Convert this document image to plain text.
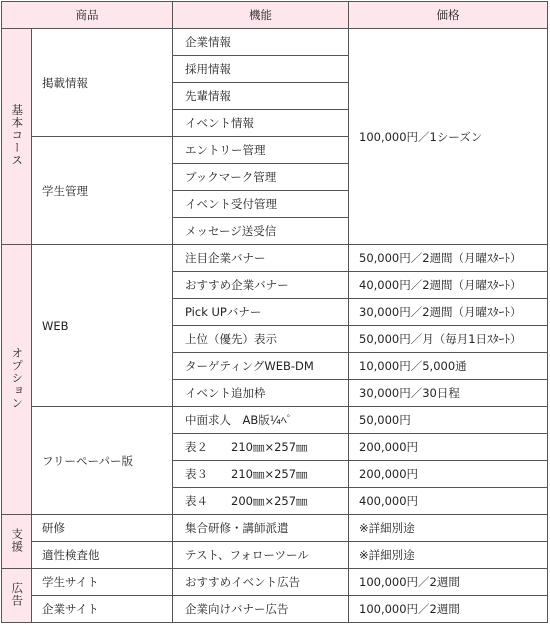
商品		機能	価格
基本コース	掲載情報	企業情報	100,000円／1シーズン
		採用情報	
		先輩情報	
		イベント情報	
	学生管理	エントリー管理	
		ブックマーク管理	
		イベント受付管理	
		メッセージ送受信	
オプション	WEB	注目企業バナー	50,000円／2週間（月曜ｽﾀｰﾄ）
		おすすめ企業バナー	40,000円／2週間（月曜ｽﾀｰﾄ）
		Pick UPバナー	30,000円／2週間（月曜ｽﾀｰﾄ）
		上位（優先）表示	50,000円／月（毎月1日ｽﾀｰﾄ）
		ターゲティングWEB-DM	10,000円／5,000通
		イベント追加枠	30,000円／30日程
	フリーペーパー版	中面求人　AB版¼ﾍﾟ	50,000円
		表２　　210㎜×257㎜	200,000円
		表３　　210㎜×257㎜	200,000円
		表４　　200㎜×257㎜	400,000円
支援	研修	集合研修・講師派遣	※詳細別途
	適性検査他	テスト、フォローツール	※詳細別途
広告	学生サイト	おすすめイベント広告	100,000円／2週間
	企業サイト	企業向けバナー広告	100,000円／2週間
